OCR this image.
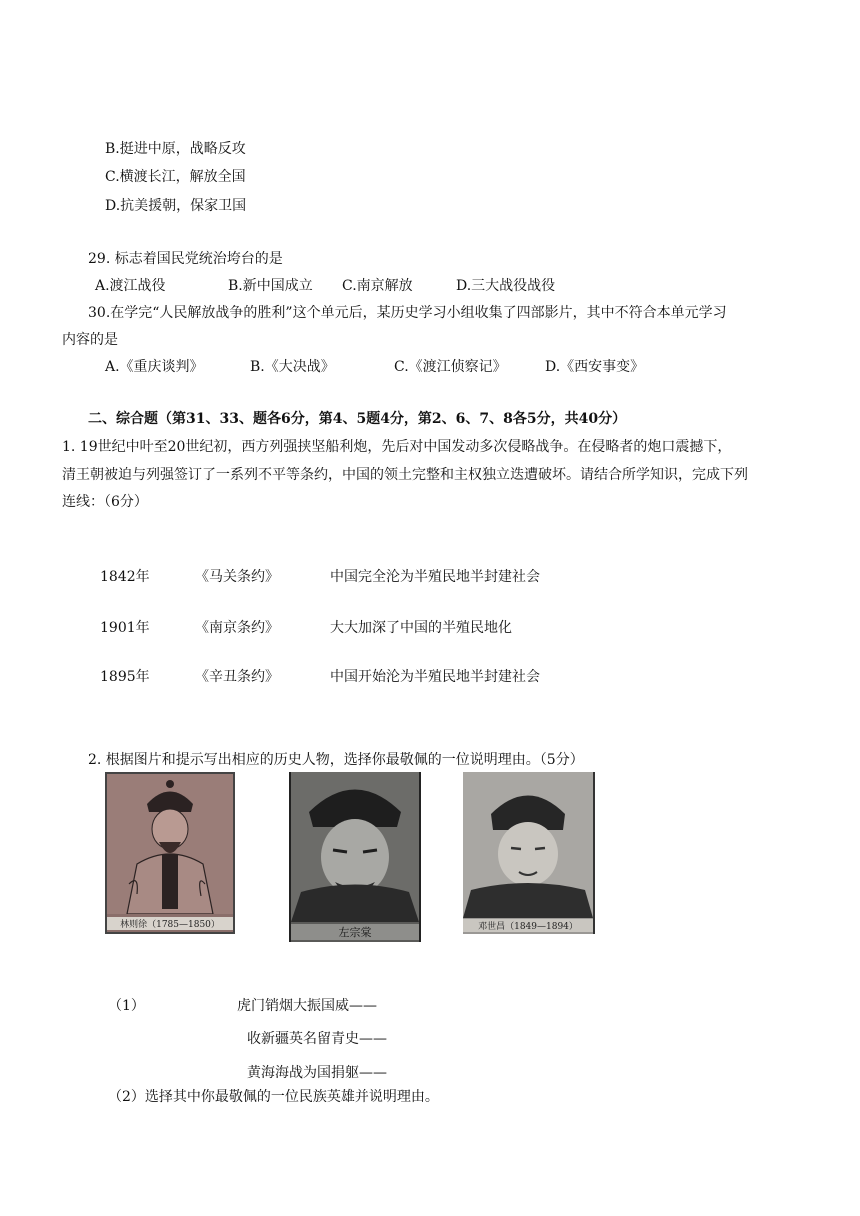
B.挺进中原，战略反攻
C.横渡长江，解放全国
D.抗美援朝，保家卫国
29. 标志着国民党统治垮台的是
A.渡江战役	B.新中国成立 C.南京解放	D.三大战役战役
30.在学完“人民解放战争的胜利”这个单元后，某历史学习小组收集了四部影片，其中不符合本单元学习
内容的是
A.《重庆谈判》	B.《大决战》	C.《渡江侦察记》	D.《西安事变》
二、综合题（第31、33、题各6分，第4、5题4分，第2、6、7、8各5分，共40分）
1. 19世纪中叶至20世纪初，西方列强挟坚船利炮，先后对中国发动多次侵略战争。在侵略者的炮口震撼下，
清王朝被迫与列强签订了一系列不平等条约，中国的领土完整和主权独立迭遭破坏。请结合所学知识，完成下列
连线：（6分）
1842年	《马关条约》	中国完全沦为半殖民地半封建社会
1901年	《南京条约》	大大加深了中国的半殖民地化
1895年	《辛丑条约》	中国开始沦为半殖民地半封建社会
2. 根据图片和提示写出相应的历史人物，选择你最敬佩的一位说明理由。（5分）
林则徐（1785—1850）
左宗棠	邓世昌（1849—1894）
（1）	虎门销烟大振国威——
收新疆英名留青史——
黄海海战为国捐躯——
（2）选择其中你最敬佩的一位民族英雄并说明理由。
